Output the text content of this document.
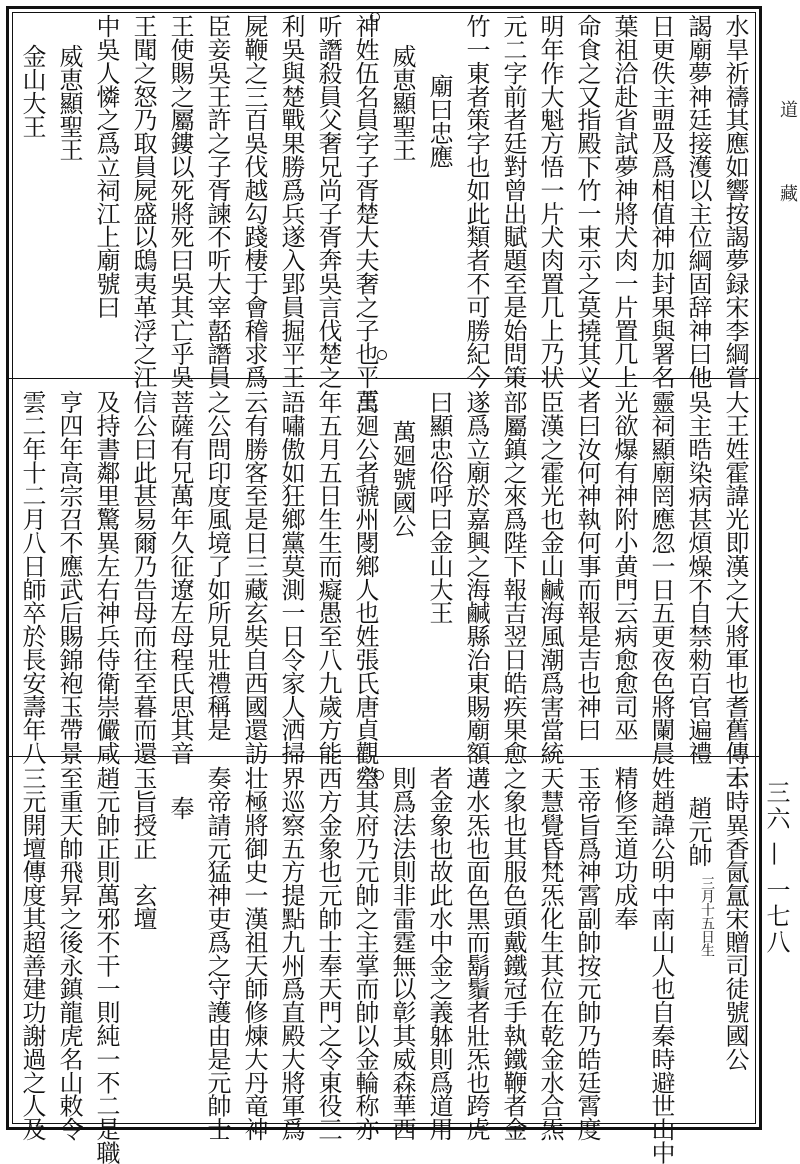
水旱祈禱其應如響按謁夢録宋李綱嘗
謁廟夢神廷接濩以主位綱固辞神曰他
日更佚主盟及爲相值神加封果與署名
葉祖洽赴省試夢神將犬肉一片置几上
命食之又指殿下竹一束示之莫撓其义
明年作大魁方悟一片犬肉置几上乃状
元二字前者廷對曾出賦題至是始問策
竹一東者策字也如此類者不可勝紀今
廟曰忠應
威恵顯聖王
神姓伍名員字子胥楚大夫奢之子也平王
听譖殺員父奢兄尚子胥奔吳言伐楚之
利吳與楚戰果勝爲兵遂入郢員掘平王
屍鞭之三百吳伐越勾踐棲于會稽求爲
臣妾吳王許之子胥諫不听大宰嚭譖員
王使賜之屬鏤以死將死曰吳其亡乎吳
王聞之怒乃取員屍盛以鴟夷革浮之江
中吳人憐之爲立祠江上廟號曰
威恵顯聖王
金山大王
大王姓霍諱光即漢之大將軍也耆舊傳云
吳主晧染病甚煩燥不自禁勑百官遍禮
靈祠顯廟罔應忽一日五更夜色將闌晨
光欲爆有神附小黄門云病愈愈司巫
者曰汝何神執何事而報是吉也神曰
臣漢之霍光也金山鹹海風潮爲害當統
部屬鎮之來爲陛下報吉翌日皓疾果愈
遂爲立廟於嘉興之海鹹縣治東賜廟額
曰顯忠俗呼曰金山大王
萬廻號國公
萬廻公者虢州閿鄉人也姓張氏唐貞觀六
年五月五日生生而癡愚至八九歲方能
語嘯傲如狂鄉黨莫測一日令家人洒掃
云有勝客至是日三藏玄奘自西國還訪
之公問印度風境了如所見壯禮稱是
菩薩有兄萬年久征遼左母程氏思其音
信公曰此甚易爾乃告母而往至暮而還
及持書鄰里驚異左右神兵侍衛崇儼咸
亨四年高宗召不應武后賜錦袍玉帶景
雲二年十二月八日師卒於長安壽年八
十時異香氤氲宋贈司徒號國公
趙元帥
三月十五日生
姓趙諱公明中南山人也自秦時避世山中
精修至道功成奉
玉帝旨爲神霄副帥按元帥乃皓廷霄度
天慧覺昏梵炁化生其位在乾金水合炁
之象也其服色頭戴鐵冠手執鐵鞭者金
遘水炁也面色黒而鬍鬚者壯炁也跨虎
者金象也故此水中金之義躰則爲道用
則爲法法則非雷霆無以彰其威森華西
瑩其府乃元帥之主掌而帥以金輪称亦
西方金象也元帥士奉天門之令東役三
界巡察五方提點九州爲直殿大將軍爲
壮極將御史一漢祖天師修煉大丹竜神
奏帝請元猛神吏爲之守護由是元帥士
奉
玉旨授正　玄壇
趙元帥正則萬邪不干一則純一不二是職
至重天帥飛昇之後永鎮龍虎名山敕令
三元開壇傳度其超善建功謝過之人及
道
藏
三六 — 一七八
